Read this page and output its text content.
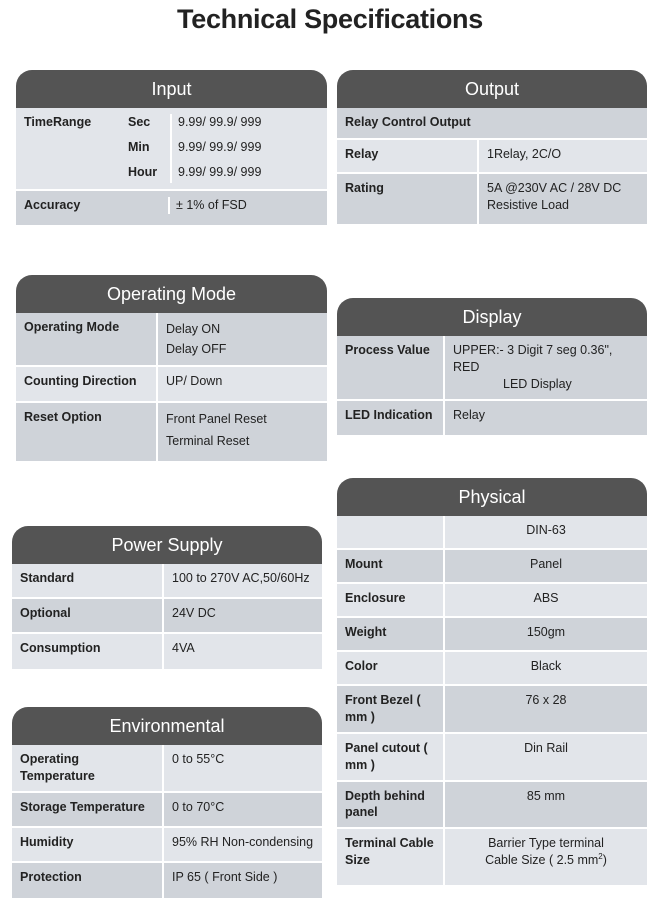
Technical Specifications
Input
TimeRange		Sec	9.99/ 99.9/ 999
Min	9.99/ 99.9/ 999
Hour	9.99/ 99.9/ 999

Accuracy	± 1% of FSD
Output
Relay Control Output	
Relay	1Relay, 2C/O
Rating	5A @230V AC / 28V DC
Resistive Load
Operating Mode
Operating Mode	Delay ON
Delay OFF

Counting Direction	UP/ Down
Reset Option	Front Panel Reset
Terminal Reset
Display
Process Value	UPPER:- 3 Digit 7 seg 0.36", RED
LED Display

LED Indication	Relay
Power Supply
Standard	100 to 270V AC,50/60Hz
Optional	24V DC
Consumption	4VA
Physical
	DIN-63
Mount	Panel
Enclosure	ABS
Weight	150gm
Color	Black
Front Bezel ( mm )	76 x 28
Panel cutout ( mm )	Din Rail
Depth behind panel	85 mm
Terminal Cable Size	Barrier Type terminal
Cable Size ( 2.5 $mm^2$)
Environmental
Operating Temperature	0 to 55°C
Storage Temperature	0 to 70°C
Humidity	95% RH Non-condensing
Protection	IP 65 ( Front Side )
